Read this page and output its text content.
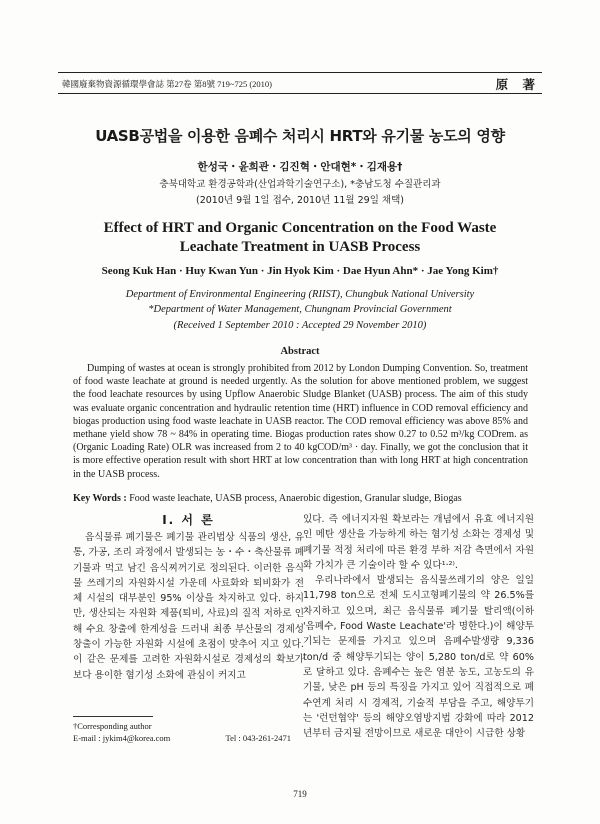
韓國廢棄物資源循環學會誌 第27卷 第8號 719~725 (2010)	原 著
UASB공법을 이용한 음폐수 처리시 HRT와 유기물 농도의 영향
한성국・윤희관・김진혁・안대현*・김재용†
충북대학교 환경공학과(산업과학기술연구소), *충남도청 수질관리과
(2010년 9월 1일 접수, 2010년 11월 29일 채택)
Effect of HRT and Organic Concentration on the Food Waste
Leachate Treatment in UASB Process
Seong Kuk Han · Huy Kwan Yun · Jin Hyok Kim · Dae Hyun Ahn* · Jae Yong Kim†
Department of Environmental Engineering (RIIST), Chungbuk National University
*Department of Water Management, Chungnam Provincial Government
(Received 1 September 2010 : Accepted 29 November 2010)
Abstract
Dumping of wastes at ocean is strongly prohibited from 2012 by London Dumping Convention. So, treatment of food waste leachate at ground is needed urgently. As the solution for above mentioned problem, we suggest the food leachate resources by using Upflow Anaerobic Sludge Blanket (UASB) process. The aim of this study was evaluate organic concentration and hydraulic retention time (HRT) influence in COD removal efficiency and biogas production using food waste leachate in UASB reactor. The COD removal efficiency was above 85% and methane yield show 78 ~ 84% in operating time. Biogas production rates show 0.27 to 0.52 m³/kg CODrem. as (Organic Loading Rate) OLR was increased from 2 to 40 kgCOD/m³ · day. Finally, we got the conclusion that it is more effective operation result with short HRT at low concentration than with long HRT at high concentration in the UASB process.
Key Words : Food waste leachate, UASB process, Anaerobic digestion, Granular sludge, Biogas
I. 서 론

음식물류 폐기물은 폐기물 관리법상 식품의 생산, 유통, 가공, 조리 과정에서 발생되는 농・수・축산물류 폐기물과 먹고 남긴 음식찌꺼기로 정의된다. 이러한 음식물 쓰레기의 자원화시설 가운데 사료화와 퇴비화가 전체 시설의 대부분인 95% 이상을 차지하고 있다. 하지만, 생산되는 자원화 제품(퇴비, 사료)의 질적 저하로 인해 수요 창출에 한계성을 드러내 최종 부산물의 경제성 창출이 가능한 자원화 시설에 초점이 맞추어 지고 있다. 이 같은 문제를 고려한 자원화시설로 경제성의 확보가 보다 용이한 혐기성 소화에 관심이 커지고

있다. 즉 에너지자원 확보라는 개념에서 유효 에너지원인 메탄 생산을 가능하게 하는 혐기성 소화는 경제성 및 폐기물 적정 처리에 따른 환경 부하 저감 측면에서 자원화 가치가 큰 기술이라 할 수 있다¹·²⁾.

우리나라에서 발생되는 음식물쓰레기의 양은 일일 11,798 ton으로 전체 도시고형폐기물의 약 26.5%를 차지하고 있으며, 최근 음식물류 폐기물 탈리액(이하 '음폐수, Food Waste Leachate'라 명한다.)이 해양투기되는 문제를 가지고 있으며 음폐수발생량 9,336 ton/d 중 해양투기되는 양이 5,280 ton/d로 약 60%로 달하고 있다. 음폐수는 높은 염분 농도, 고농도의 유기물, 낮은 pH 등의 특징을 가지고 있어 직접적으로 폐수연계 처리 시 경제적, 기술적 부담을 주고, 해양투기는 '런던협약' 등의 해양오염방지법 강화에 따라 2012년부터 금지될 전망이므로 새로운 대안이 시급한 상황

†Corresponding author
E-mail : jykim4@korea.com	Tel : 043-261-2471
719
